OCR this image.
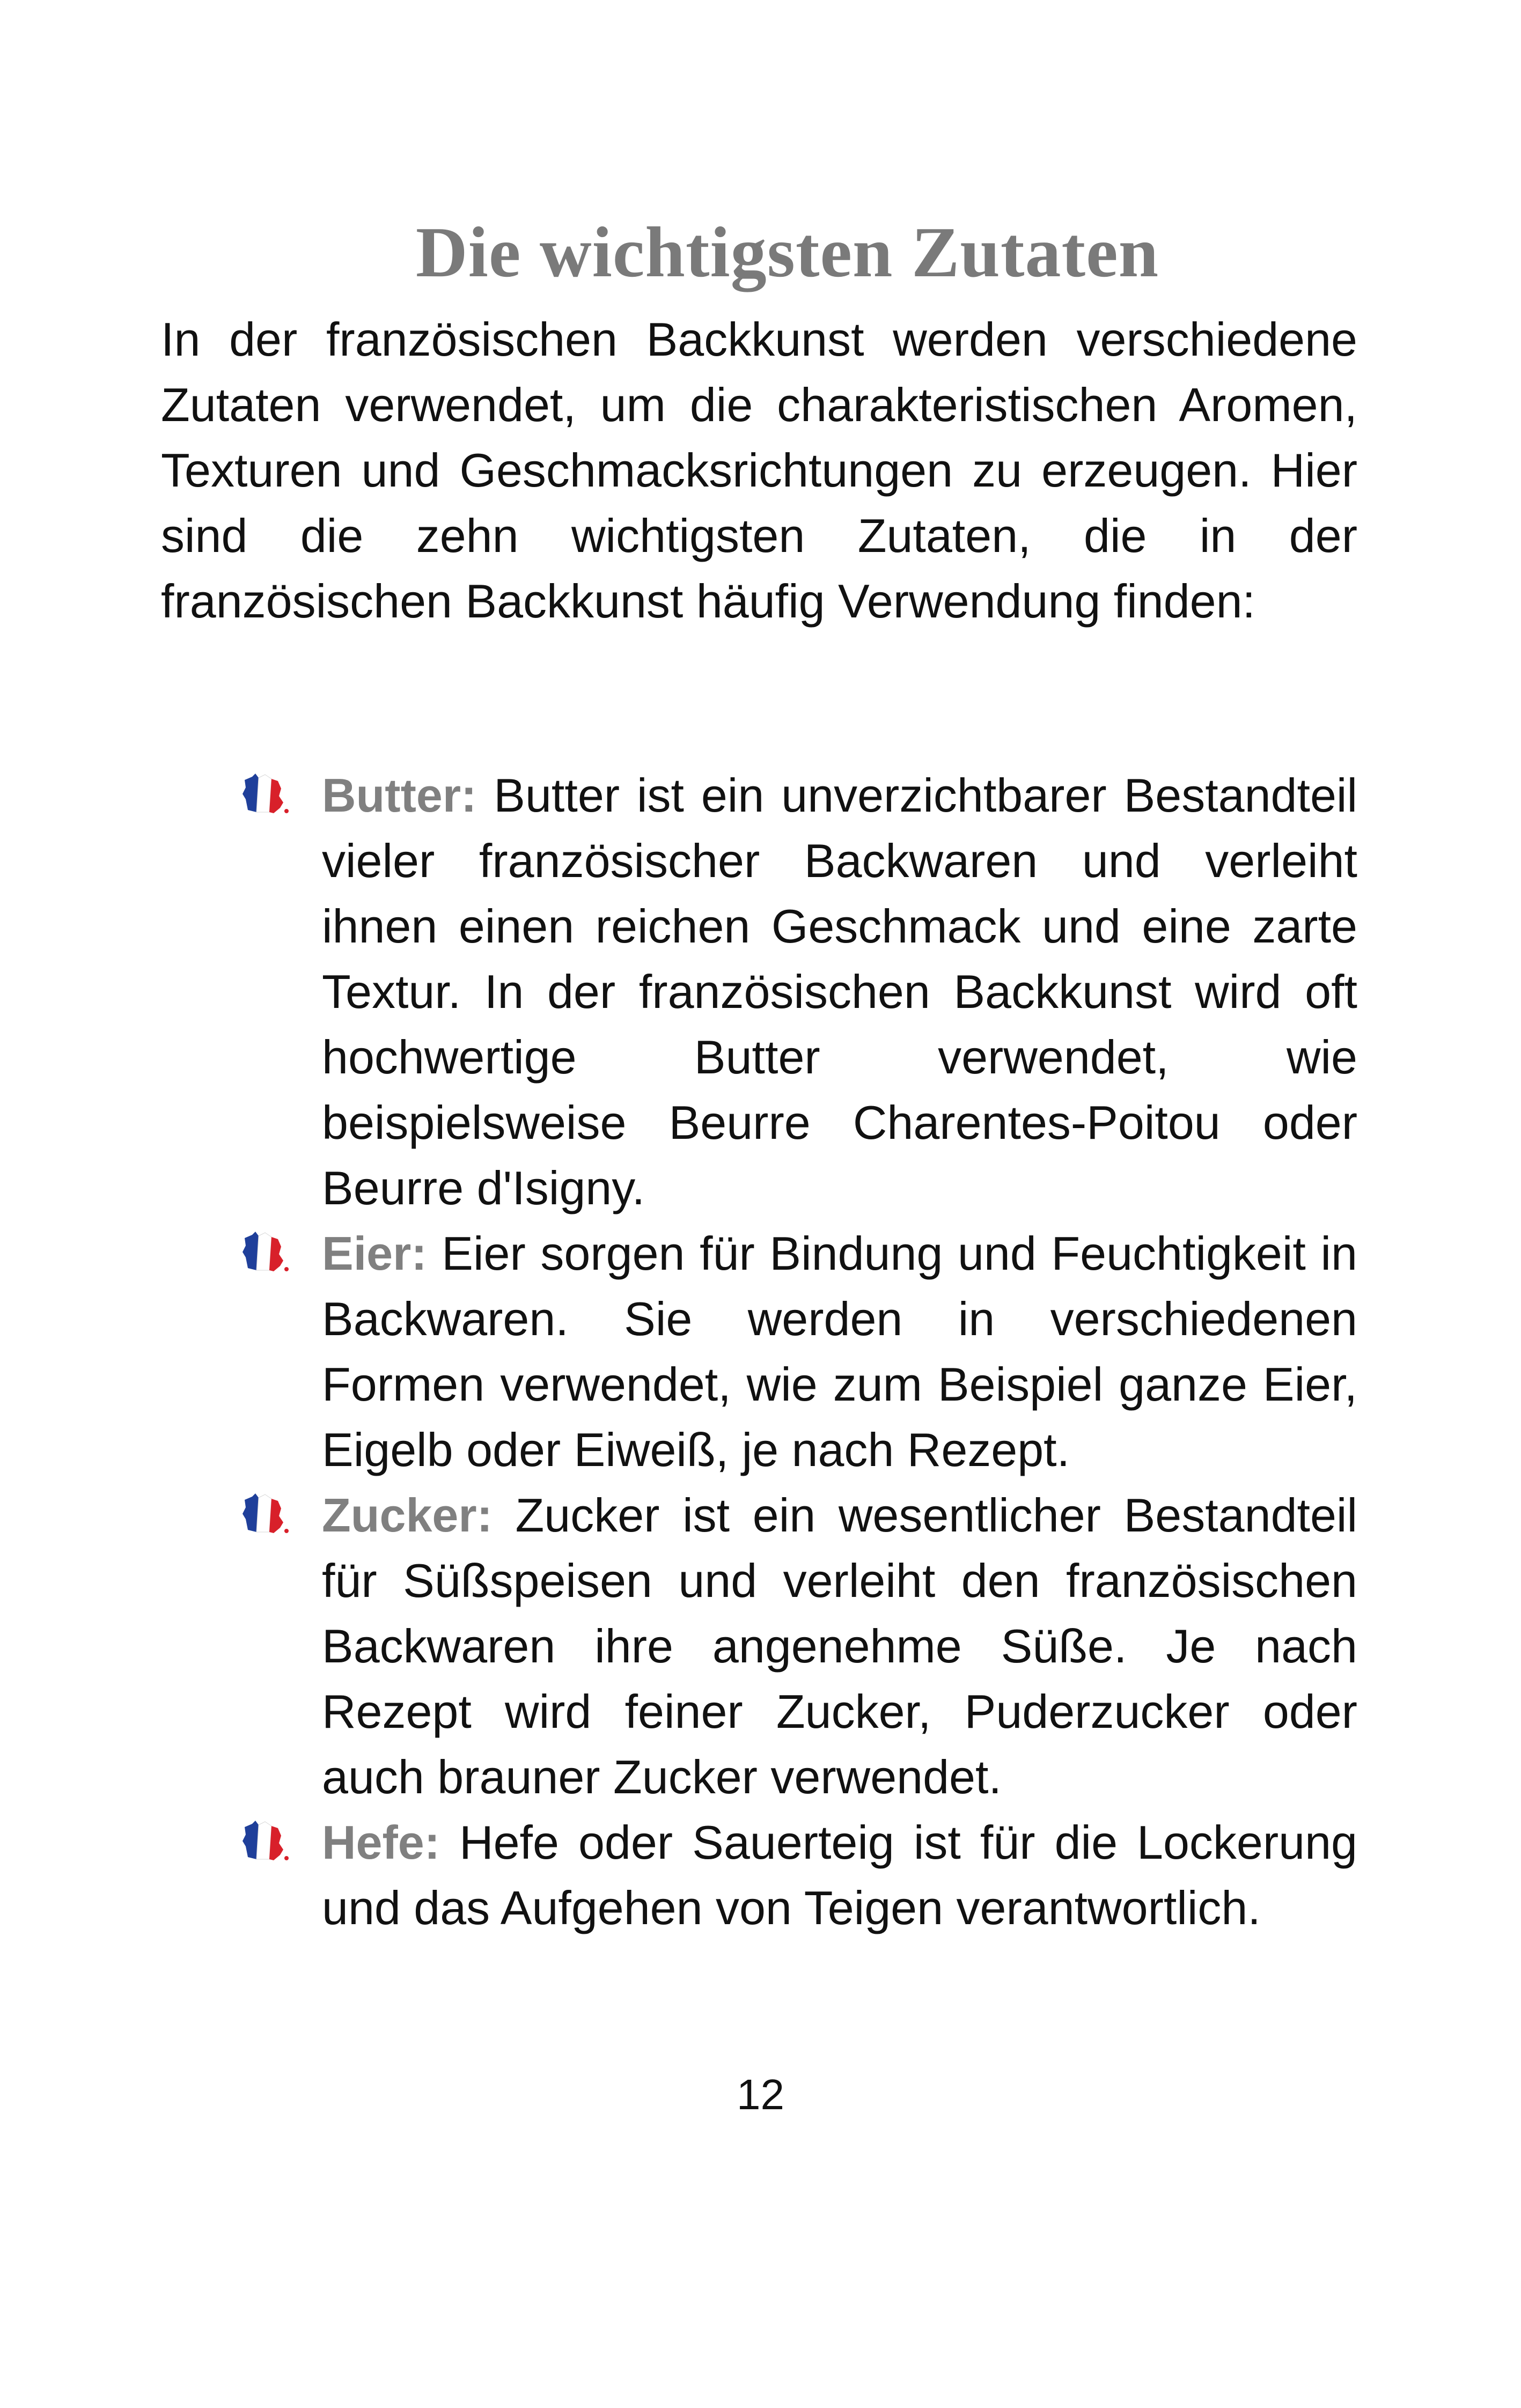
Die wichtigsten Zutaten

In der französischen Backkunst werden verschiedene Zutaten verwendet, um die charakteristischen Aromen, Texturen und Geschmacksrichtungen zu erzeugen. Hier sind die zehn wichtigsten Zutaten, die in der französischen Backkunst häufig Verwendung finden:

Butter: Butter ist ein unverzichtbarer Bestandteil vieler französischer Backwaren und verleiht ihnen einen reichen Geschmack und eine zarte Textur. In der französischen Backkunst wird oft hochwertige Butter verwendet, wie beispielsweise Beurre Charentes-Poitou oder Beurre d'Isigny.
Eier: Eier sorgen für Bindung und Feuchtigkeit in Backwaren. Sie werden in verschiedenen Formen verwendet, wie zum Beispiel ganze Eier, Eigelb oder Eiweiß, je nach Rezept.
Zucker: Zucker ist ein wesentlicher Bestandteil für Süßspeisen und verleiht den französischen Backwaren ihre angenehme Süße. Je nach Rezept wird feiner Zucker, Puderzucker oder auch brauner Zucker verwendet.
Hefe: Hefe oder Sauerteig ist für die Lockerung und das Aufgehen von Teigen verantwortlich.
12
